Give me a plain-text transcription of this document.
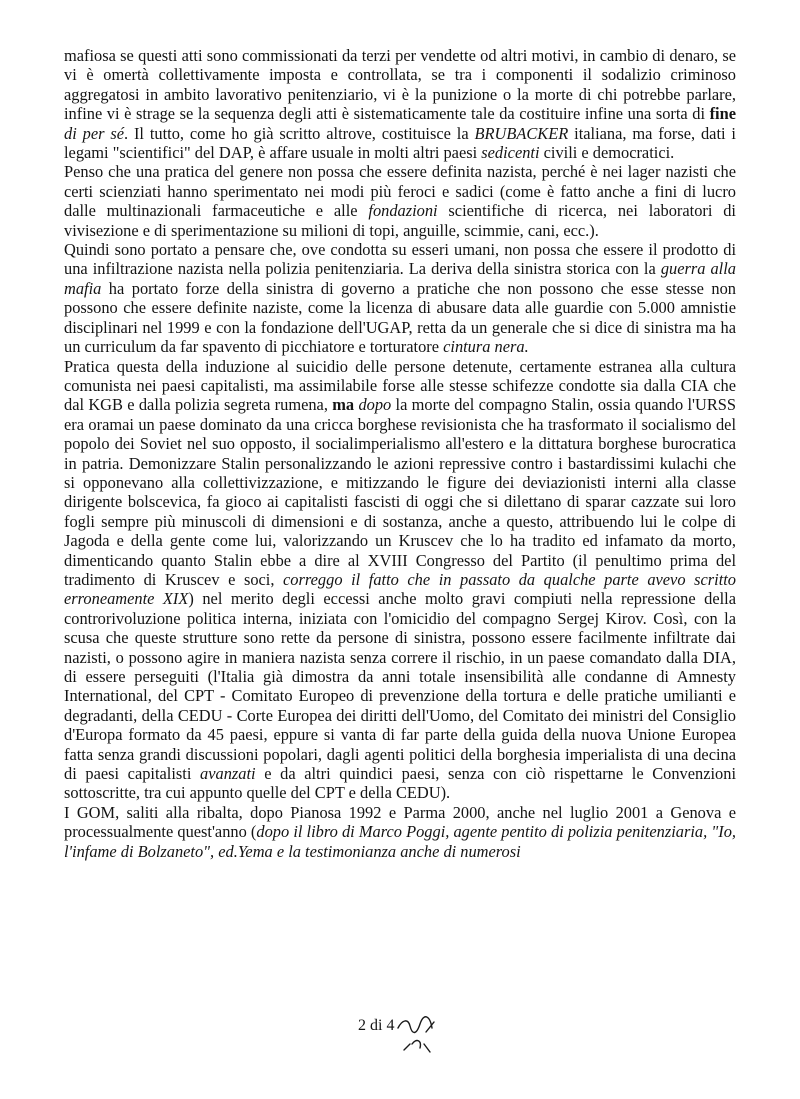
mafiosa se questi atti sono commissionati da terzi per vendette od altri motivi, in cambio di denaro, se vi è omertà collettivamente imposta e controllata, se tra i componenti il sodalizio criminoso aggregatosi in ambito lavorativo penitenziario, vi è la punizione o la morte di chi potrebbe parlare, infine vi è strage se la sequenza degli atti è sistematicamente tale da costituire infine una sorta di fine di per sé. Il tutto, come ho già scritto altrove, costituisce la BRUBACKER italiana, ma forse, dati i legami "scientifici" del DAP, è affare usuale in molti altri paesi sedicenti civili e democratici.

Penso che una pratica del genere non possa che essere definita nazista, perché è nei lager nazisti che certi scienziati hanno sperimentato nei modi più feroci e sadici (come è fatto anche a fini di lucro dalle multinazionali farmaceutiche e alle fondazioni scientifiche di ricerca, nei laboratori di vivisezione e di sperimentazione su milioni di topi, anguille, scimmie, cani, ecc.).

Quindi sono portato a pensare che, ove condotta su esseri umani, non possa che essere il prodotto di una infiltrazione nazista nella polizia penitenziaria. La deriva della sinistra storica con la guerra alla mafia ha portato forze della sinistra di governo a pratiche che non possono che esse stesse non possono che essere definite naziste, come la licenza di abusare data alle guardie con 5.000 amnistie disciplinari nel 1999 e con la fondazione dell'UGAP, retta da un generale che si dice di sinistra ma ha un curriculum da far spavento di picchiatore e torturatore cintura nera.

Pratica questa della induzione al suicidio delle persone detenute, certamente estranea alla cultura comunista nei paesi capitalisti, ma assimilabile forse alle stesse schifezze condotte sia dalla CIA che dal KGB e dalla polizia segreta rumena, ma dopo la morte del compagno Stalin, ossia quando l'URSS era oramai un paese dominato da una cricca borghese revisionista che ha trasformato il socialismo del popolo dei Soviet nel suo opposto, il socialimperialismo all'estero e la dittatura borghese burocratica in patria. Demonizzare Stalin personalizzando le azioni repressive contro i bastardissimi kulachi che si opponevano alla collettivizzazione, e mitizzando le figure dei deviazionisti interni alla classe dirigente bolscevica, fa gioco ai capitalisti fascisti di oggi che si dilettano di sparar cazzate sui loro fogli sempre più minuscoli di dimensioni e di sostanza, anche a questo, attribuendo lui le colpe di Jagoda e della gente come lui, valorizzando un Kruscev che lo ha tradito ed infamato da morto, dimenticando quanto Stalin ebbe a dire al XVIII Congresso del Partito (il penultimo prima del tradimento di Kruscev e soci, correggo il fatto che in passato da qualche parte avevo scritto erroneamente XIX) nel merito degli eccessi anche molto gravi compiuti nella repressione della controrivoluzione politica interna, iniziata con l'omicidio del compagno Sergej Kirov. Così, con la scusa che queste strutture sono rette da persone di sinistra, possono essere facilmente infiltrate dai nazisti, o possono agire in maniera nazista senza correre il rischio, in un paese comandato dalla DIA, di essere perseguiti (l'Italia già dimostra da anni totale insensibilità alle condanne di Amnesty International, del CPT - Comitato Europeo di prevenzione della tortura e delle pratiche umilianti e degradanti, della CEDU - Corte Europea dei diritti dell'Uomo, del Comitato dei ministri del Consiglio d'Europa formato da 45 paesi, eppure si vanta di far parte della guida della nuova Unione Europea fatta senza grandi discussioni popolari, dagli agenti politici della borghesia imperialista di una decina di paesi capitalisti avanzati e da altri quindici paesi, senza con ciò rispettarne le Convenzioni sottoscritte, tra cui appunto quelle del CPT e della CEDU).

I GOM, saliti alla ribalta, dopo Pianosa 1992 e Parma 2000, anche nel luglio 2001 a Genova e processualmente quest'anno (dopo il libro di Marco Poggi, agente pentito di polizia penitenziaria, "Io, l'infame di Bolzaneto", ed.Yema e la testimonianza anche di numerosi

2 di 4
